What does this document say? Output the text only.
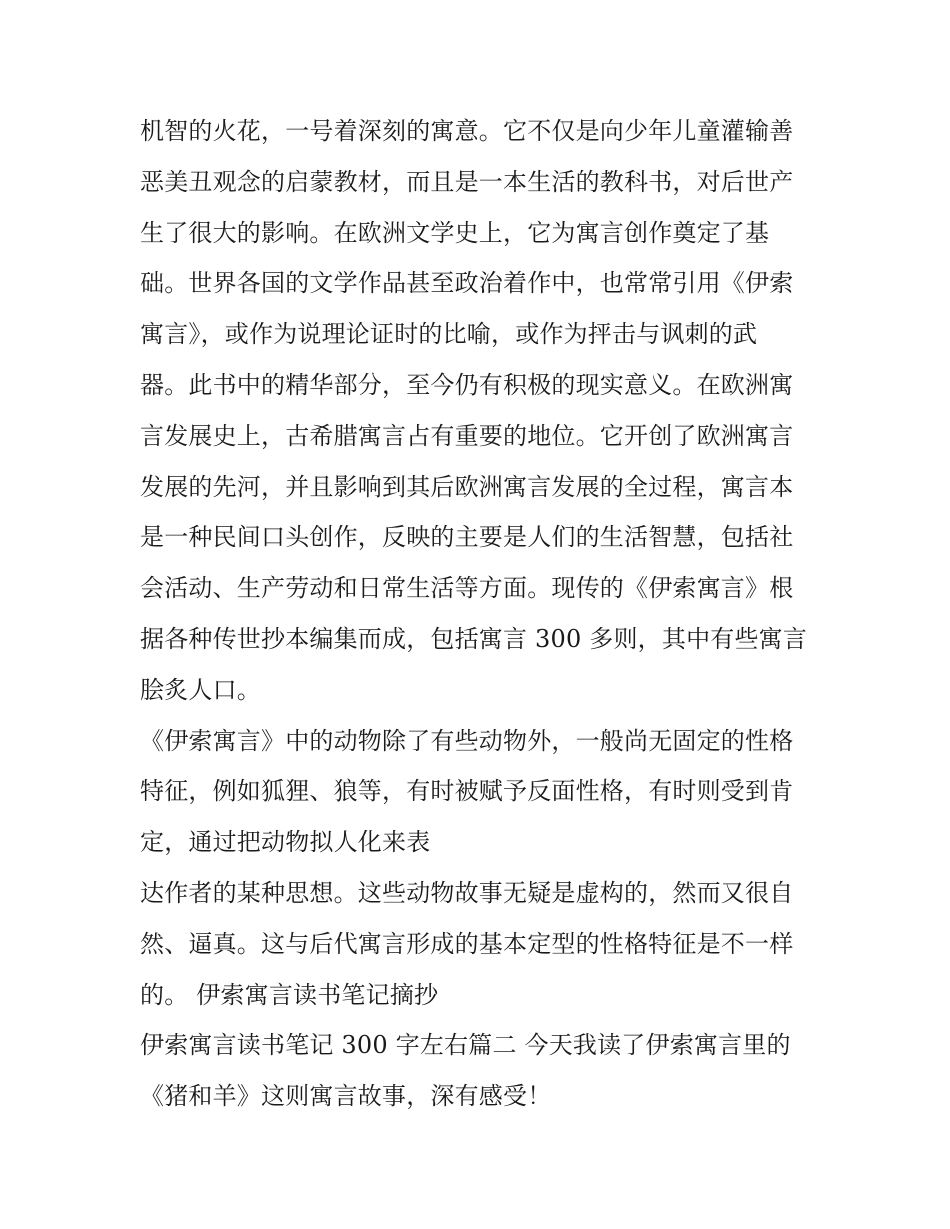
机智的火花，一号着深刻的寓意。它不仅是向少年儿童灌输善
恶美丑观念的启蒙教材，而且是一本生活的教科书，对后世产
生了很大的影响。在欧洲文学史上，它为寓言创作奠定了基
础。世界各国的文学作品甚至政治着作中，也常常引用《伊索
寓言》，或作为说理论证时的比喻，或作为抨击与讽刺的武
器。此书中的精华部分，至今仍有积极的现实意义。在欧洲寓
言发展史上，古希腊寓言占有重要的地位。它开创了欧洲寓言
发展的先河，并且影响到其后欧洲寓言发展的全过程，寓言本
是一种民间口头创作，反映的主要是人们的生活智慧，包括社
会活动、生产劳动和日常生活等方面。现传的《伊索寓言》根
据各种传世抄本编集而成，包括寓言 300 多则，其中有些寓言
脍炙人口。
《伊索寓言》中的动物除了有些动物外，一般尚无固定的性格
特征，例如狐狸、狼等，有时被赋予反面性格，有时则受到肯
定，通过把动物拟人化来表
达作者的某种思想。这些动物故事无疑是虚构的，然而又很自
然、逼真。这与后代寓言形成的基本定型的性格特征是不一样
的。 伊索寓言读书笔记摘抄
伊索寓言读书笔记 300 字左右篇二 今天我读了伊索寓言里的
《猪和羊》这则寓言故事，深有感受！
